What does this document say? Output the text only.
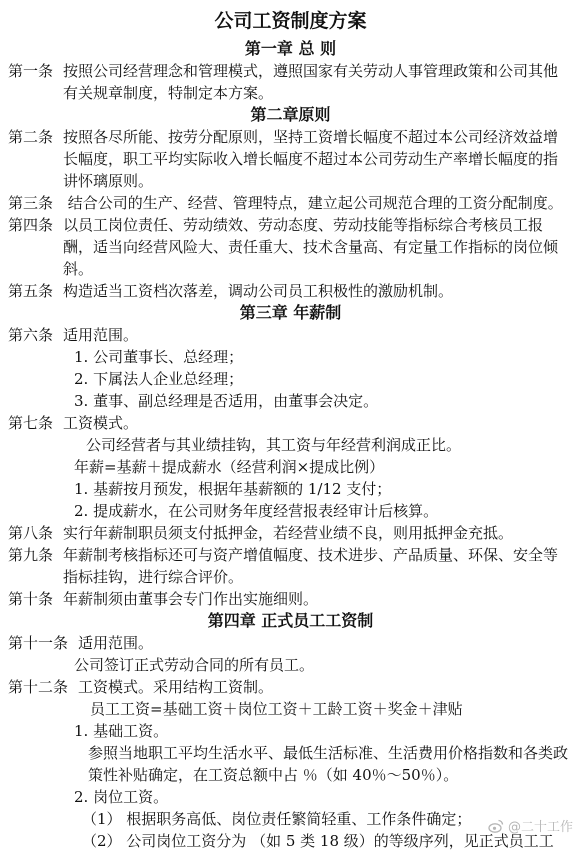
公司工资制度方案
第一章 总 则
第一条 按照公司经营理念和管理模式，遵照国家有关劳动人事管理政策和公司其他有关规章制度，特制定本方案。
第二章原则
第二条 按照各尽所能、按劳分配原则，坚持工资增长幅度不超过本公司经济效益增长幅度，职工平均实际收入增长幅度不超过本公司劳动生产率增长幅度的指讲怀璃原则。
第三条 结合公司的生产、经营、管理特点，建立起公司规范合理的工资分配制度。
第四条 以员工岗位责任、劳动绩效、劳动态度、劳动技能等指标综合考核员工报酬，适当向经营风险大、责任重大、技术含量高、有定量工作指标的岗位倾斜。
第五条 构造适当工资档次落差，调动公司员工积极性的激励机制。
第三章 年薪制
第六条 适用范围。
1. 公司董事长、总经理；
2. 下属法人企业总经理；
3. 董事、副总经理是否适用，由董事会决定。
第七条 工资模式。
公司经营者与其业绩挂钩，其工资与年经营利润成正比。
年薪=基薪＋提成薪水（经营利润×提成比例）
1. 基薪按月预发，根据年基薪额的 1/12 支付；
2. 提成薪水，在公司财务年度经营报表经审计后核算。
第八条 实行年薪制职员须支付抵押金，若经营业绩不良，则用抵押金充抵。
第九条 年薪制考核指标还可与资产增值幅度、技术进步、产品质量、环保、安全等指标挂钩，进行综合评价。
第十条 年薪制须由董事会专门作出实施细则。
第四章 正式员工工资制
第十一条 适用范围。
公司签订正式劳动合同的所有员工。
第十二条 工资模式。采用结构工资制。
员工工资=基础工资＋岗位工资＋工龄工资＋奖金＋津贴
1. 基础工资。
参照当地职工平均生活水平、最低生活标准、生活费用价格指数和各类政策性补贴确定，在工资总额中占 ％（如 40％～50％）。
2. 岗位工资。
（1） 根据职务高低、岗位责任繁简轻重、工作条件确定；
（2） 公司岗位工资分为 （如 5 类 18 级）的等级序列，见正式员工工
@二十工作
